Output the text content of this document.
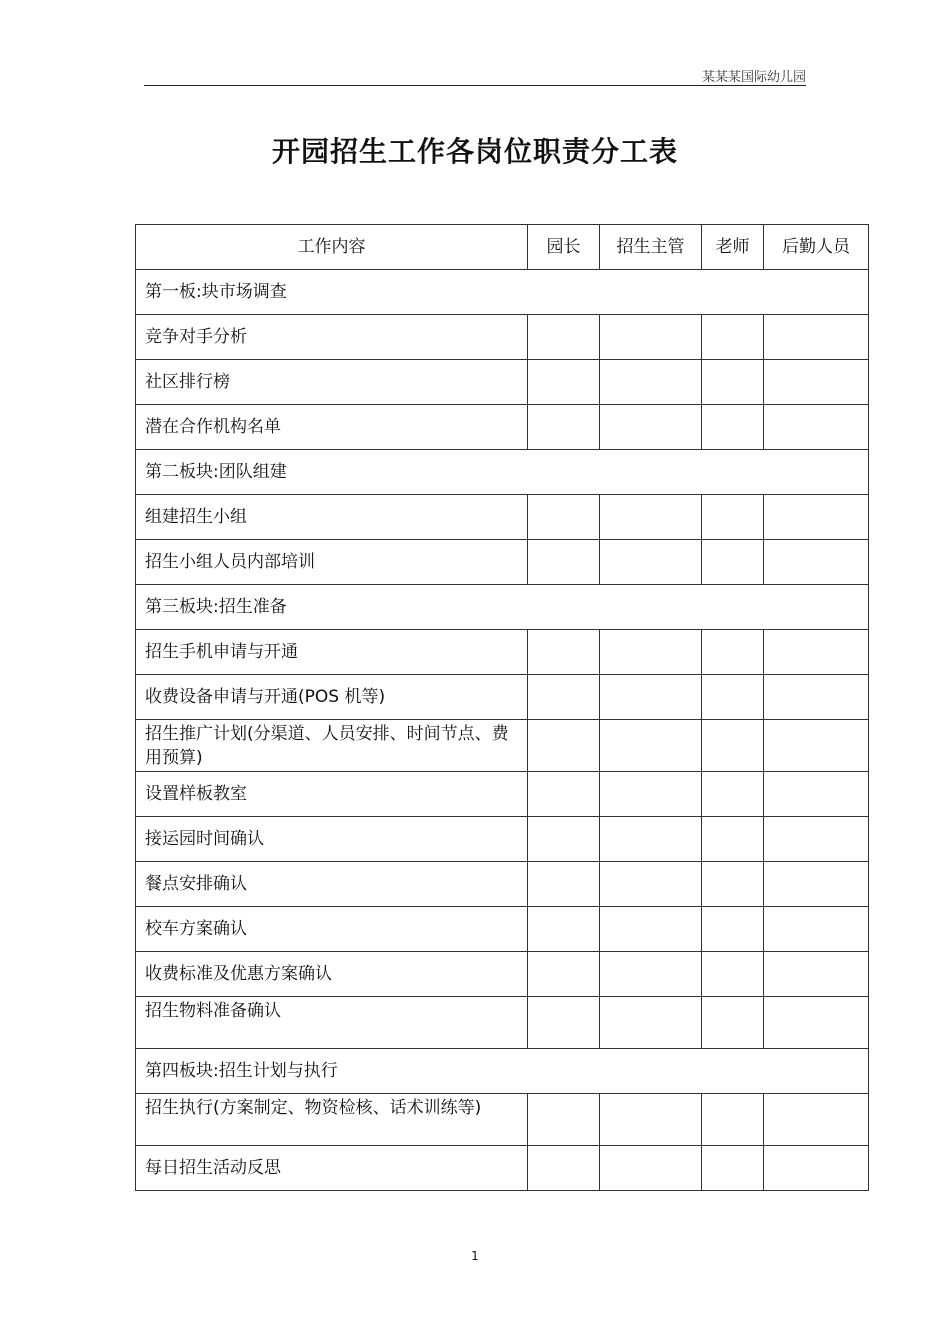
某某某国际幼儿园
开园招生工作各岗位职责分工表
工作内容	园长	招生主管	老师	后勤人员
第一板:块市场调查				
竞争对手分析				
社区排行榜				
潜在合作机构名单				
第二板块:团队组建				
组建招生小组				
招生小组人员内部培训				
第三板块:招生准备				
招生手机申请与开通				
收费设备申请与开通(POS 机等)				
招生推广计划(分渠道、人员安排、时间节点、费用预算)				
设置样板教室				
接运园时间确认				
餐点安排确认				
校车方案确认				
收费标准及优惠方案确认				
招生物料准备确认				
第四板块:招生计划与执行				
招生执行(方案制定、物资检核、话术训练等)				
每日招生活动反思				
1
